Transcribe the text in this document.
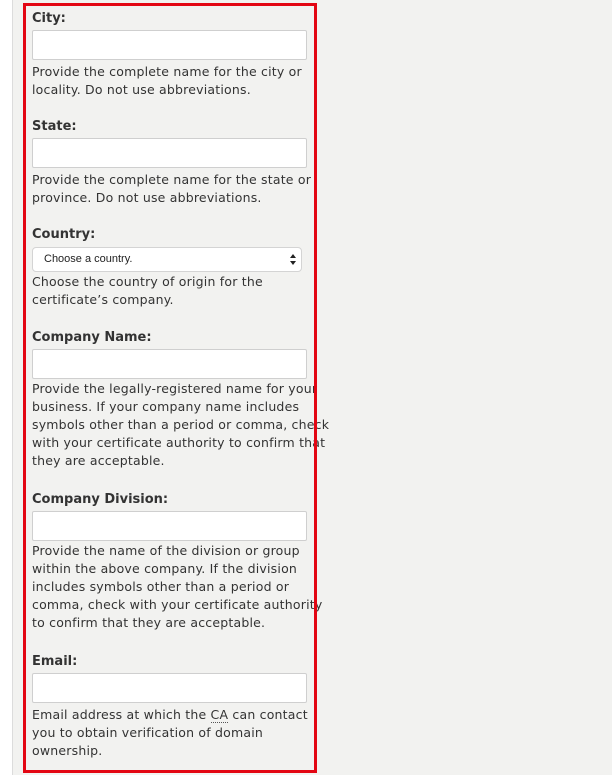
City:

Provide the complete name for the city or

locality. Do not use abbreviations.

State:

Provide the complete name for the state or

province. Do not use abbreviations.

Country:
Choose a country.

Choose the country of origin for the

certificate’s company.

Company Name:

Provide the legally-registered name for your

business. If your company name includes

symbols other than a period or comma, check

with your certificate authority to confirm that

they are acceptable.

Company Division:

Provide the name of the division or group

within the above company. If the division

includes symbols other than a period or

comma, check with your certificate authority

to confirm that they are acceptable.

Email:

Email address at which the CA can contact

you to obtain verification of domain

ownership.
